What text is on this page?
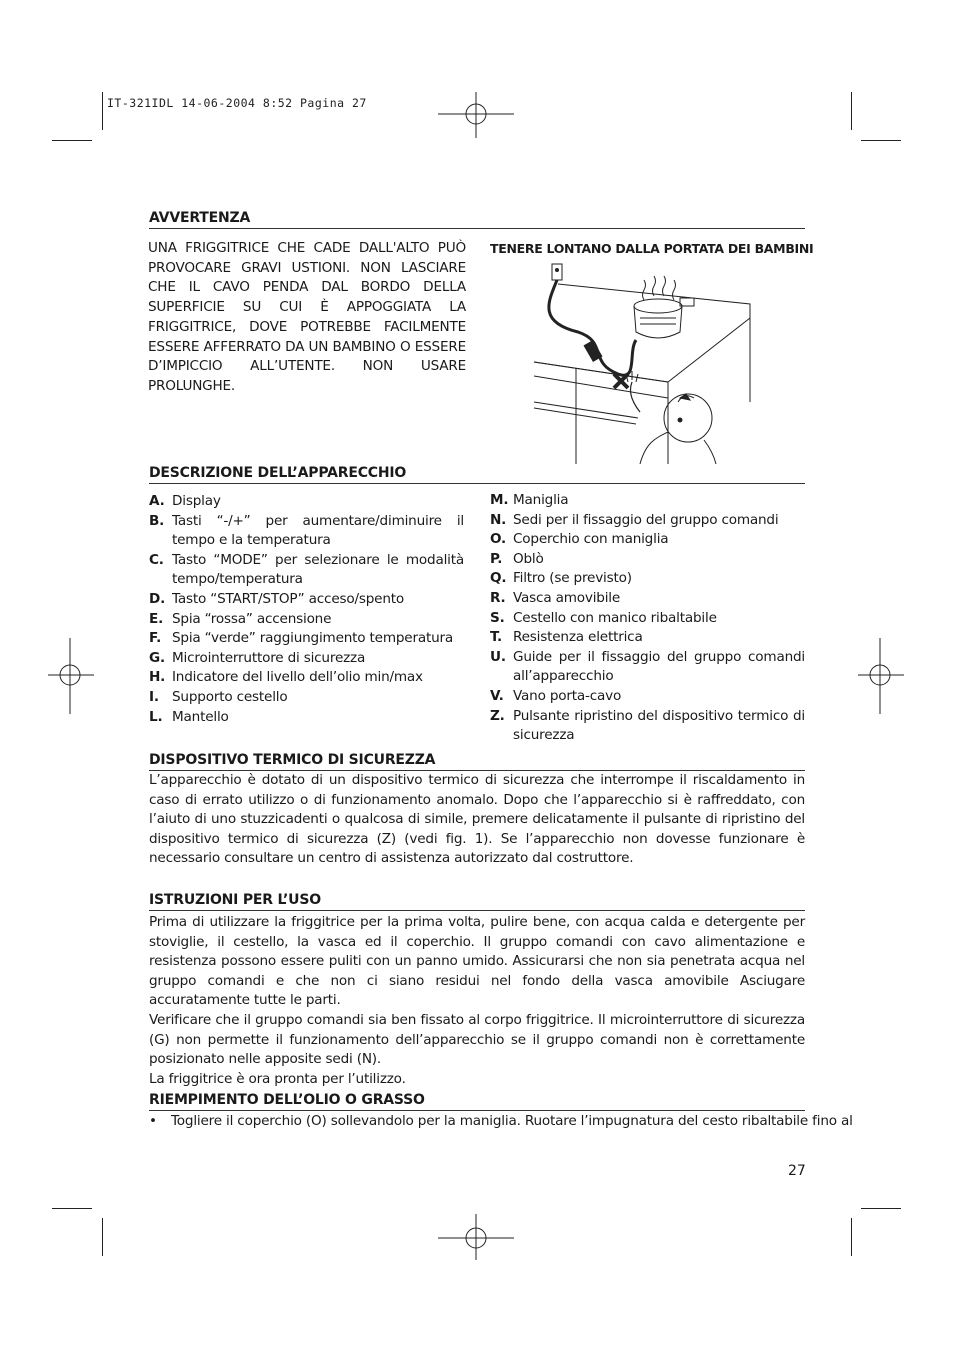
IT-321IDL 14-06-2004 8:52 Pagina 27
AVVERTENZA
UNA FRIGGITRICE CHE CADE DALL'ALTO PUÒ PROVOCARE GRAVI USTIONI. NON LASCIARE CHE IL CAVO PENDA DAL BORDO DELLA SUPERFICIE SU CUI È APPOGGIATA LA FRIGGITRICE, DOVE POTREBBE FACILMENTE ESSERE AFFERRATO DA UN BAMBINO O ESSERE D’IMPICCIO ALL’UTENTE. NON USARE PROLUNGHE.
TENERE LONTANO DALLA PORTATA DEI BAMBINI
DESCRIZIONE DELL’APPARECCHIO
A. Display
B. Tasti “-/+” per aumentare/diminuire il tempo e la temperatura
C. Tasto “MODE” per selezionare le modalità tempo/temperatura
D. Tasto “START/STOP” acceso/spento
E. Spia “rossa” accensione
F. Spia “verde” raggiungimento temperatura
G. Microinterruttore di sicurezza
H. Indicatore del livello dell’olio min/max
I. Supporto cestello
L. Mantello
M. Maniglia
N. Sedi per il fissaggio del gruppo comandi
O. Coperchio con maniglia
P. Oblò
Q. Filtro (se previsto)
R. Vasca amovibile
S. Cestello con manico ribaltabile
T. Resistenza elettrica
U. Guide per il fissaggio del gruppo comandi all’apparecchio
V. Vano porta-cavo
Z. Pulsante ripristino del dispositivo termico di sicurezza
DISPOSITIVO TERMICO DI SICUREZZA
L’apparecchio è dotato di un dispositivo termico di sicurezza che interrompe il riscaldamento in caso di errato utilizzo o di funzionamento anomalo. Dopo che l’apparecchio si è raffreddato, con l’aiuto di uno stuzzicadenti o qualcosa di simile, premere delicatamente il pulsante di ripristino del dispositivo termico di sicurezza (Z) (vedi fig. 1). Se l’apparecchio non dovesse funzionare è necessario consultare un centro di assistenza autorizzato dal costruttore.
ISTRUZIONI PER L’USO

Prima di utilizzare la friggitrice per la prima volta, pulire bene, con acqua calda e detergente per stoviglie, il cestello, la vasca ed il coperchio. Il gruppo comandi con cavo alimentazione e resistenza possono essere puliti con un panno umido. Assicurarsi che non sia penetrata acqua nel gruppo comandi e che non ci siano residui nel fondo della vasca amovibile Asciugare accuratamente tutte le parti.

Verificare che il gruppo comandi sia ben fissato al corpo friggitrice. Il microinterruttore di sicurezza (G) non permette il funzionamento dell’apparecchio se il gruppo comandi non è correttamente posizionato nelle apposite sedi (N).

La friggitrice è ora pronta per l’utilizzo.

RIEMPIMENTO DELL’OLIO O GRASSO
• Togliere il coperchio (O) sollevandolo per la maniglia. Ruotare l’impugnatura del cesto ribaltabile fino al
27
